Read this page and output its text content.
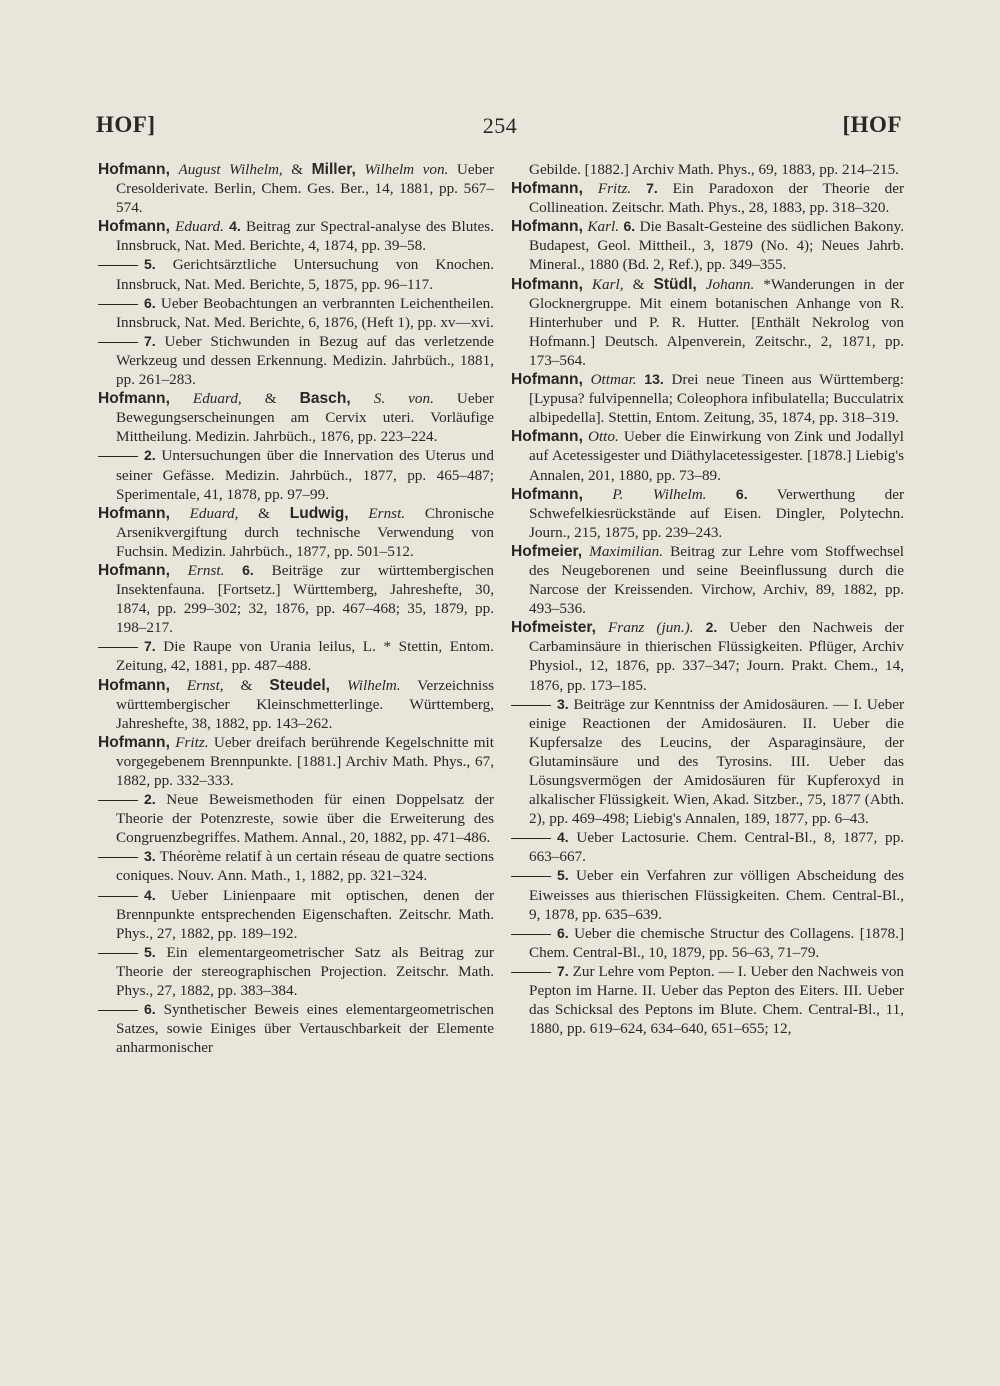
HOF]	254	[HOF
Hofmann, August Wilhelm, & Miller, Wilhelm von. Ueber Cresolderivate. Berlin, Chem. Ges. Ber., 14, 1881, pp. 567–574.
Hofmann, Eduard. 4. Beitrag zur Spectral-analyse des Blutes. Innsbruck, Nat. Med. Berichte, 4, 1874, pp. 39–58.
5. Gerichtsärztliche Untersuchung von Knochen. Innsbruck, Nat. Med. Berichte, 5, 1875, pp. 96–117.
6. Ueber Beobachtungen an verbrannten Leichentheilen. Innsbruck, Nat. Med. Berichte, 6, 1876, (Heft 1), pp. xv—xvi.
7. Ueber Stichwunden in Bezug auf das verletzende Werkzeug und dessen Erkennung. Medizin. Jahrbüch., 1881, pp. 261–283.
Hofmann, Eduard, & Basch, S. von. Ueber Bewegungserscheinungen am Cervix uteri. Vorläufige Mittheilung. Medizin. Jahrbüch., 1876, pp. 223–224.
2. Untersuchungen über die Innervation des Uterus und seiner Gefässe. Medizin. Jahrbüch., 1877, pp. 465–487; Sperimentale, 41, 1878, pp. 97–99.
Hofmann, Eduard, & Ludwig, Ernst. Chronische Arsenikvergiftung durch technische Verwendung von Fuchsin. Medizin. Jahrbüch., 1877, pp. 501–512.
Hofmann, Ernst. 6. Beiträge zur württembergischen Insektenfauna. [Fortsetz.] Württemberg, Jahreshefte, 30, 1874, pp. 299–302; 32, 1876, pp. 467–468; 35, 1879, pp. 198–217.
7. Die Raupe von Urania leilus, L. * Stettin, Entom. Zeitung, 42, 1881, pp. 487–488.
Hofmann, Ernst, & Steudel, Wilhelm. Verzeichniss württembergischer Kleinschmetterlinge. Württemberg, Jahreshefte, 38, 1882, pp. 143–262.
Hofmann, Fritz. Ueber dreifach berührende Kegelschnitte mit vorgegebenem Brennpunkte. [1881.] Archiv Math. Phys., 67, 1882, pp. 332–333.
2. Neue Beweismethoden für einen Doppelsatz der Theorie der Potenzreste, sowie über die Erweiterung des Congruenzbegriffes. Mathem. Annal., 20, 1882, pp. 471–486.
3. Théorème relatif à un certain réseau de quatre sections coniques. Nouv. Ann. Math., 1, 1882, pp. 321–324.
4. Ueber Linienpaare mit optischen, denen der Brennpunkte entsprechenden Eigenschaften. Zeitschr. Math. Phys., 27, 1882, pp. 189–192.
5. Ein elementargeometrischer Satz als Beitrag zur Theorie der stereographischen Projection. Zeitschr. Math. Phys., 27, 1882, pp. 383–384.
6. Synthetischer Beweis eines elementargeometrischen Satzes, sowie Einiges über Vertauschbarkeit der Elemente anharmonischer
Gebilde. [1882.] Archiv Math. Phys., 69, 1883, pp. 214–215.
Hofmann, Fritz. 7. Ein Paradoxon der Theorie der Collineation. Zeitschr. Math. Phys., 28, 1883, pp. 318–320.
Hofmann, Karl. 6. Die Basalt-Gesteine des südlichen Bakony. Budapest, Geol. Mittheil., 3, 1879 (No. 4); Neues Jahrb. Mineral., 1880 (Bd. 2, Ref.), pp. 349–355.
Hofmann, Karl, & Stüdl, Johann. *Wanderungen in der Glocknergruppe. Mit einem botanischen Anhange von R. Hinterhuber und P. R. Hutter. [Enthält Nekrolog von Hofmann.] Deutsch. Alpenverein, Zeitschr., 2, 1871, pp. 173–564.
Hofmann, Ottmar. 13. Drei neue Tineen aus Württemberg: [Lypusa? fulvipennella; Coleophora infibulatella; Bucculatrix albipedella]. Stettin, Entom. Zeitung, 35, 1874, pp. 318–319.
Hofmann, Otto. Ueber die Einwirkung von Zink und Jodallyl auf Acetessigester und Diäthylacetessigester. [1878.] Liebig's Annalen, 201, 1880, pp. 73–89.
Hofmann, P. Wilhelm. 6. Verwerthung der Schwefelkiesrückstände auf Eisen. Dingler, Polytechn. Journ., 215, 1875, pp. 239–243.
Hofmeier, Maximilian. Beitrag zur Lehre vom Stoffwechsel des Neugeborenen und seine Beeinflussung durch die Narcose der Kreissenden. Virchow, Archiv, 89, 1882, pp. 493–536.
Hofmeister, Franz (jun.). 2. Ueber den Nachweis der Carbaminsäure in thierischen Flüssigkeiten. Pflüger, Archiv Physiol., 12, 1876, pp. 337–347; Journ. Prakt. Chem., 14, 1876, pp. 173–185.
3. Beiträge zur Kenntniss der Amidosäuren. — I. Ueber einige Reactionen der Amidosäuren. II. Ueber die Kupfersalze des Leucins, der Asparaginsäure, der Glutaminsäure und des Tyrosins. III. Ueber das Lösungsvermögen der Amidosäuren für Kupferoxyd in alkalischer Flüssigkeit. Wien, Akad. Sitzber., 75, 1877 (Abth. 2), pp. 469–498; Liebig's Annalen, 189, 1877, pp. 6–43.
4. Ueber Lactosurie. Chem. Central-Bl., 8, 1877, pp. 663–667.
5. Ueber ein Verfahren zur völligen Abscheidung des Eiweisses aus thierischen Flüssigkeiten. Chem. Central-Bl., 9, 1878, pp. 635–639.
6. Ueber die chemische Structur des Collagens. [1878.] Chem. Central-Bl., 10, 1879, pp. 56–63, 71–79.
7. Zur Lehre vom Pepton. — I. Ueber den Nachweis von Pepton im Harne. II. Ueber das Pepton des Eiters. III. Ueber das Schicksal des Peptons im Blute. Chem. Central-Bl., 11, 1880, pp. 619–624, 634–640, 651–655; 12,
